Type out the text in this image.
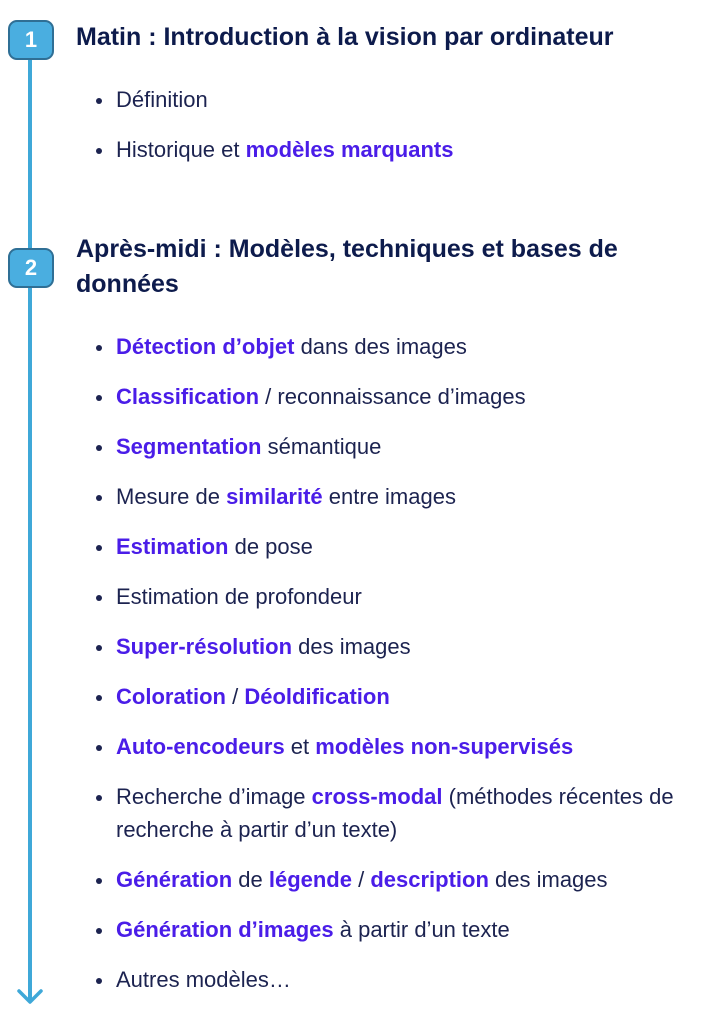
1	Matin : Introduction à la vision par ordinateur
Définition
Historique et modèles marquants
2
Après-midi : Modèles, techniques et bases de données
Détection d’objet dans des images
Classification / reconnaissance d’images
Segmentation sémantique
Mesure de similarité entre images
Estimation de pose
Estimation de profondeur
Super-résolution des images
Coloration / Déoldification
Auto-encodeurs et modèles non-supervisés
Recherche d’image cross-modal (méthodes récentes de recherche à partir d’un texte)
Génération de légende / description des images
Génération d’images à partir d’un texte
Autres modèles…
